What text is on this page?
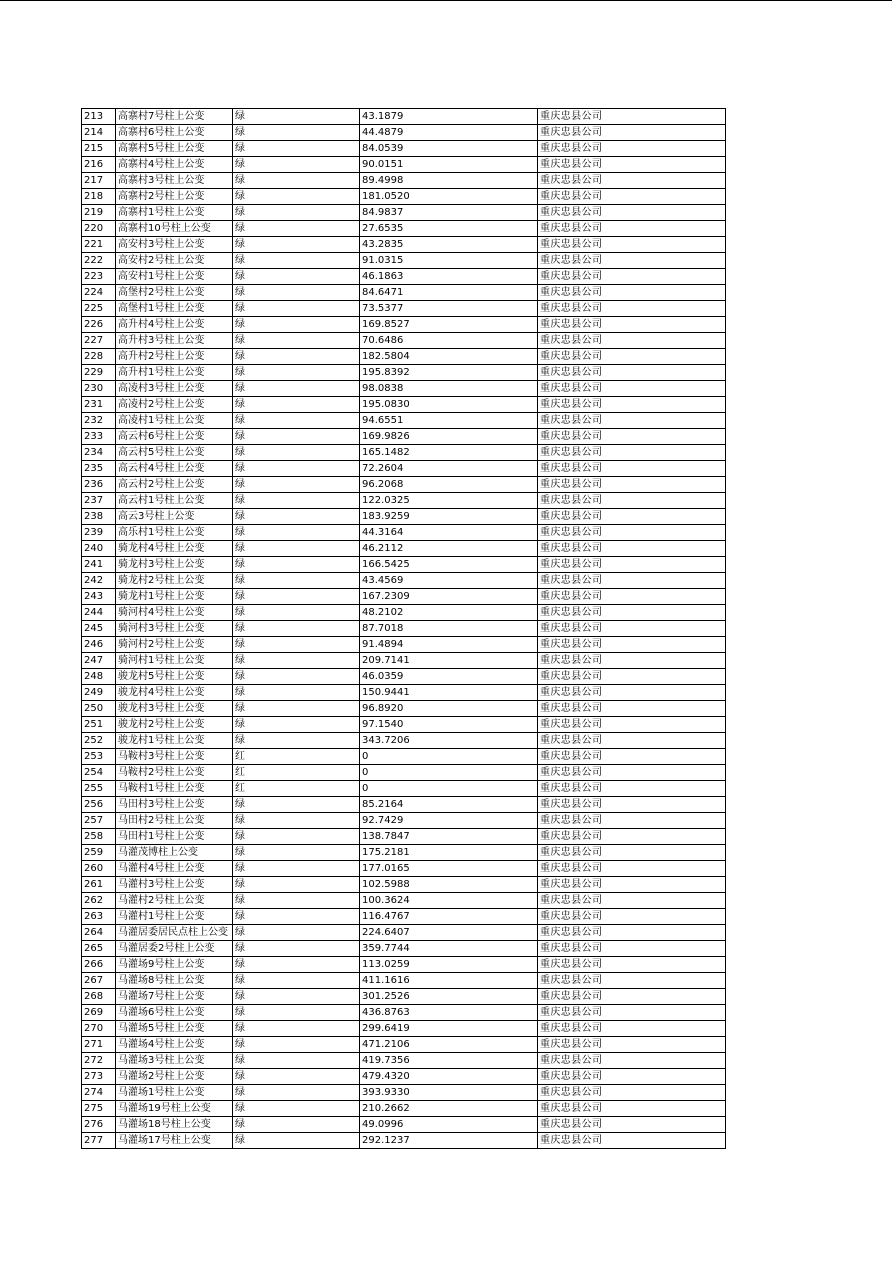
213	高寨村7号柱上公变	绿	43.1879	重庆忠县公司
214	高寨村6号柱上公变	绿	44.4879	重庆忠县公司
215	高寨村5号柱上公变	绿	84.0539	重庆忠县公司
216	高寨村4号柱上公变	绿	90.0151	重庆忠县公司
217	高寨村3号柱上公变	绿	89.4998	重庆忠县公司
218	高寨村2号柱上公变	绿	181.0520	重庆忠县公司
219	高寨村1号柱上公变	绿	84.9837	重庆忠县公司
220	高寨村10号柱上公变	绿	27.6535	重庆忠县公司
221	高安村3号柱上公变	绿	43.2835	重庆忠县公司
222	高安村2号柱上公变	绿	91.0315	重庆忠县公司
223	高安村1号柱上公变	绿	46.1863	重庆忠县公司
224	高堡村2号柱上公变	绿	84.6471	重庆忠县公司
225	高堡村1号柱上公变	绿	73.5377	重庆忠县公司
226	高升村4号柱上公变	绿	169.8527	重庆忠县公司
227	高升村3号柱上公变	绿	70.6486	重庆忠县公司
228	高升村2号柱上公变	绿	182.5804	重庆忠县公司
229	高升村1号柱上公变	绿	195.8392	重庆忠县公司
230	高凌村3号柱上公变	绿	98.0838	重庆忠县公司
231	高凌村2号柱上公变	绿	195.0830	重庆忠县公司
232	高凌村1号柱上公变	绿	94.6551	重庆忠县公司
233	高云村6号柱上公变	绿	169.9826	重庆忠县公司
234	高云村5号柱上公变	绿	165.1482	重庆忠县公司
235	高云村4号柱上公变	绿	72.2604	重庆忠县公司
236	高云村2号柱上公变	绿	96.2068	重庆忠县公司
237	高云村1号柱上公变	绿	122.0325	重庆忠县公司
238	高云3号柱上公变	绿	183.9259	重庆忠县公司
239	高乐村1号柱上公变	绿	44.3164	重庆忠县公司
240	骑龙村4号柱上公变	绿	46.2112	重庆忠县公司
241	骑龙村3号柱上公变	绿	166.5425	重庆忠县公司
242	骑龙村2号柱上公变	绿	43.4569	重庆忠县公司
243	骑龙村1号柱上公变	绿	167.2309	重庆忠县公司
244	骑河村4号柱上公变	绿	48.2102	重庆忠县公司
245	骑河村3号柱上公变	绿	87.7018	重庆忠县公司
246	骑河村2号柱上公变	绿	91.4894	重庆忠县公司
247	骑河村1号柱上公变	绿	209.7141	重庆忠县公司
248	骏龙村5号柱上公变	绿	46.0359	重庆忠县公司
249	骏龙村4号柱上公变	绿	150.9441	重庆忠县公司
250	骏龙村3号柱上公变	绿	96.8920	重庆忠县公司
251	骏龙村2号柱上公变	绿	97.1540	重庆忠县公司
252	骏龙村1号柱上公变	绿	343.7206	重庆忠县公司
253	马鞍村3号柱上公变	红	0	重庆忠县公司
254	马鞍村2号柱上公变	红	0	重庆忠县公司
255	马鞍村1号柱上公变	红	0	重庆忠县公司
256	马田村3号柱上公变	绿	85.2164	重庆忠县公司
257	马田村2号柱上公变	绿	92.7429	重庆忠县公司
258	马田村1号柱上公变	绿	138.7847	重庆忠县公司
259	马灌茂博柱上公变	绿	175.2181	重庆忠县公司
260	马灌村4号柱上公变	绿	177.0165	重庆忠县公司
261	马灌村3号柱上公变	绿	102.5988	重庆忠县公司
262	马灌村2号柱上公变	绿	100.3624	重庆忠县公司
263	马灌村1号柱上公变	绿	116.4767	重庆忠县公司
264	马灌居委居民点柱上公变	绿	224.6407	重庆忠县公司
265	马灌居委2号柱上公变	绿	359.7744	重庆忠县公司
266	马灌场9号柱上公变	绿	113.0259	重庆忠县公司
267	马灌场8号柱上公变	绿	411.1616	重庆忠县公司
268	马灌场7号柱上公变	绿	301.2526	重庆忠县公司
269	马灌场6号柱上公变	绿	436.8763	重庆忠县公司
270	马灌场5号柱上公变	绿	299.6419	重庆忠县公司
271	马灌场4号柱上公变	绿	471.2106	重庆忠县公司
272	马灌场3号柱上公变	绿	419.7356	重庆忠县公司
273	马灌场2号柱上公变	绿	479.4320	重庆忠县公司
274	马灌场1号柱上公变	绿	393.9330	重庆忠县公司
275	马灌场19号柱上公变	绿	210.2662	重庆忠县公司
276	马灌场18号柱上公变	绿	49.0996	重庆忠县公司
277	马灌场17号柱上公变	绿	292.1237	重庆忠县公司
